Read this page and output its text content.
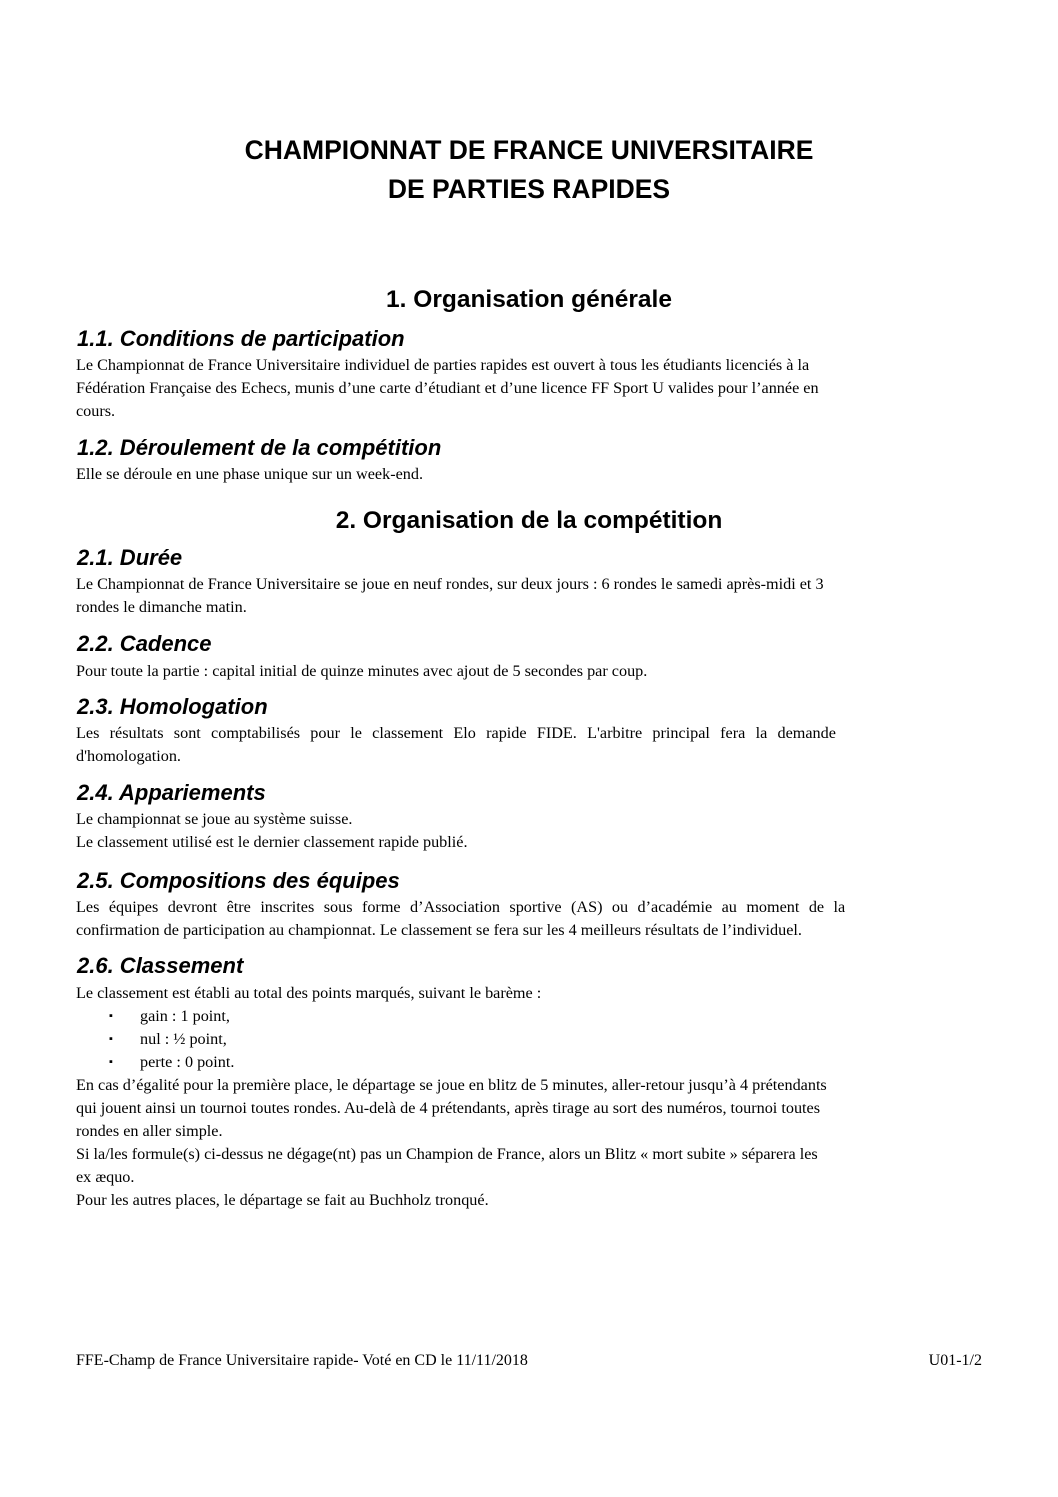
CHAMPIONNAT DE FRANCE UNIVERSITAIRE
DE PARTIES RAPIDES
1. Organisation générale
1.1. Conditions de participation

Le Championnat de France Universitaire individuel de parties rapides est ouvert à tous les étudiants licenciés à la
Fédération Française des Echecs, munis d’une carte d’étudiant et d’une licence FF Sport U valides pour l’année en
cours.

1.2. Déroulement de la compétition

Elle se déroule en une phase unique sur un week-end.

2. Organisation de la compétition
2.1. Durée

Le Championnat de France Universitaire se joue en neuf rondes, sur deux jours : 6 rondes le samedi après-midi et 3
rondes le dimanche matin.

2.2. Cadence

Pour toute la partie : capital initial de quinze minutes avec ajout de 5 secondes par coup.

2.3. Homologation

Les résultats sont comptabilisés pour le classement Elo rapide FIDE. L'arbitre principal fera la demande
d'homologation.

2.4. Appariements

Le championnat se joue au système suisse.
Le classement utilisé est le dernier classement rapide publié.

2.5. Compositions des équipes

Les équipes devront être inscrites sous forme d’Association sportive (AS) ou d’académie au moment de la
confirmation de participation au championnat. Le classement se fera sur les 4 meilleurs résultats de l’individuel.

2.6. Classement

Le classement est établi au total des points marqués, suivant le barème :

▪ gain : 1 point,
▪ nul : ½ point,
▪ perte : 0 point.

En cas d’égalité pour la première place, le départage se joue en blitz de 5 minutes, aller-retour jusqu’à 4 prétendants
qui jouent ainsi un tournoi toutes rondes. Au-delà de 4 prétendants, après tirage au sort des numéros, tournoi toutes
rondes en aller simple.
Si la/les formule(s) ci-dessus ne dégage(nt) pas un Champion de France, alors un Blitz « mort subite » séparera les
ex æquo.
Pour les autres places, le départage se fait au Buchholz tronqué.

FFE-Champ de France Universitaire rapide- Voté en CD le 11/11/2018	U01-1/2
